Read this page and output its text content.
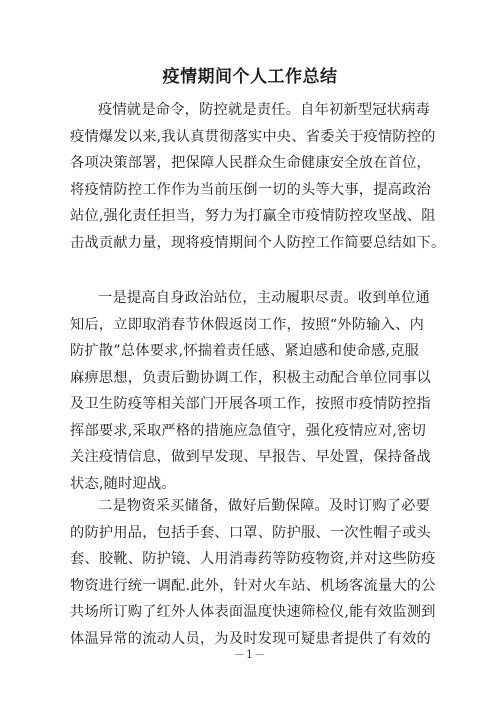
疫情期间个人工作总结
疫情就是命令，防控就是责任。自年初新型冠状病毒
疫情爆发以来,我认真贯彻落实中央、省委关于疫情防控的
各项决策部署，把保障人民群众生命健康安全放在首位，
将疫情防控工作作为当前压倒一切的头等大事，提高政治
站位,强化责任担当，努力为打赢全市疫情防控攻坚战、阻
击战贡献力量，现将疫情期间个人防控工作简要总结如下。
一是提高自身政治站位，主动履职尽责。收到单位通
知后，立即取消春节休假返岗工作，按照“外防输入、内
防扩散”总体要求,怀揣着责任感、紧迫感和使命感,克服
麻痹思想，负责后勤协调工作，积极主动配合单位同事以
及卫生防疫等相关部门开展各项工作，按照市疫情防控指
挥部要求,采取严格的措施应急值守，强化疫情应对,密切
关注疫情信息，做到早发现、早报告、早处置，保持备战
状态,随时迎战。
二是物资采买储备，做好后勤保障。及时订购了必要
的防护用品，包括手套、口罩、防护服、一次性帽子或头
套、胶靴、防护镜、人用消毒药等防疫物资,并对这些防疫
物资进行统一调配.此外，针对火车站、机场客流量大的公
共场所订购了红外人体表面温度快速筛检仪,能有效监测到
体温异常的流动人员，为及时发现可疑患者提供了有效的
－1－
